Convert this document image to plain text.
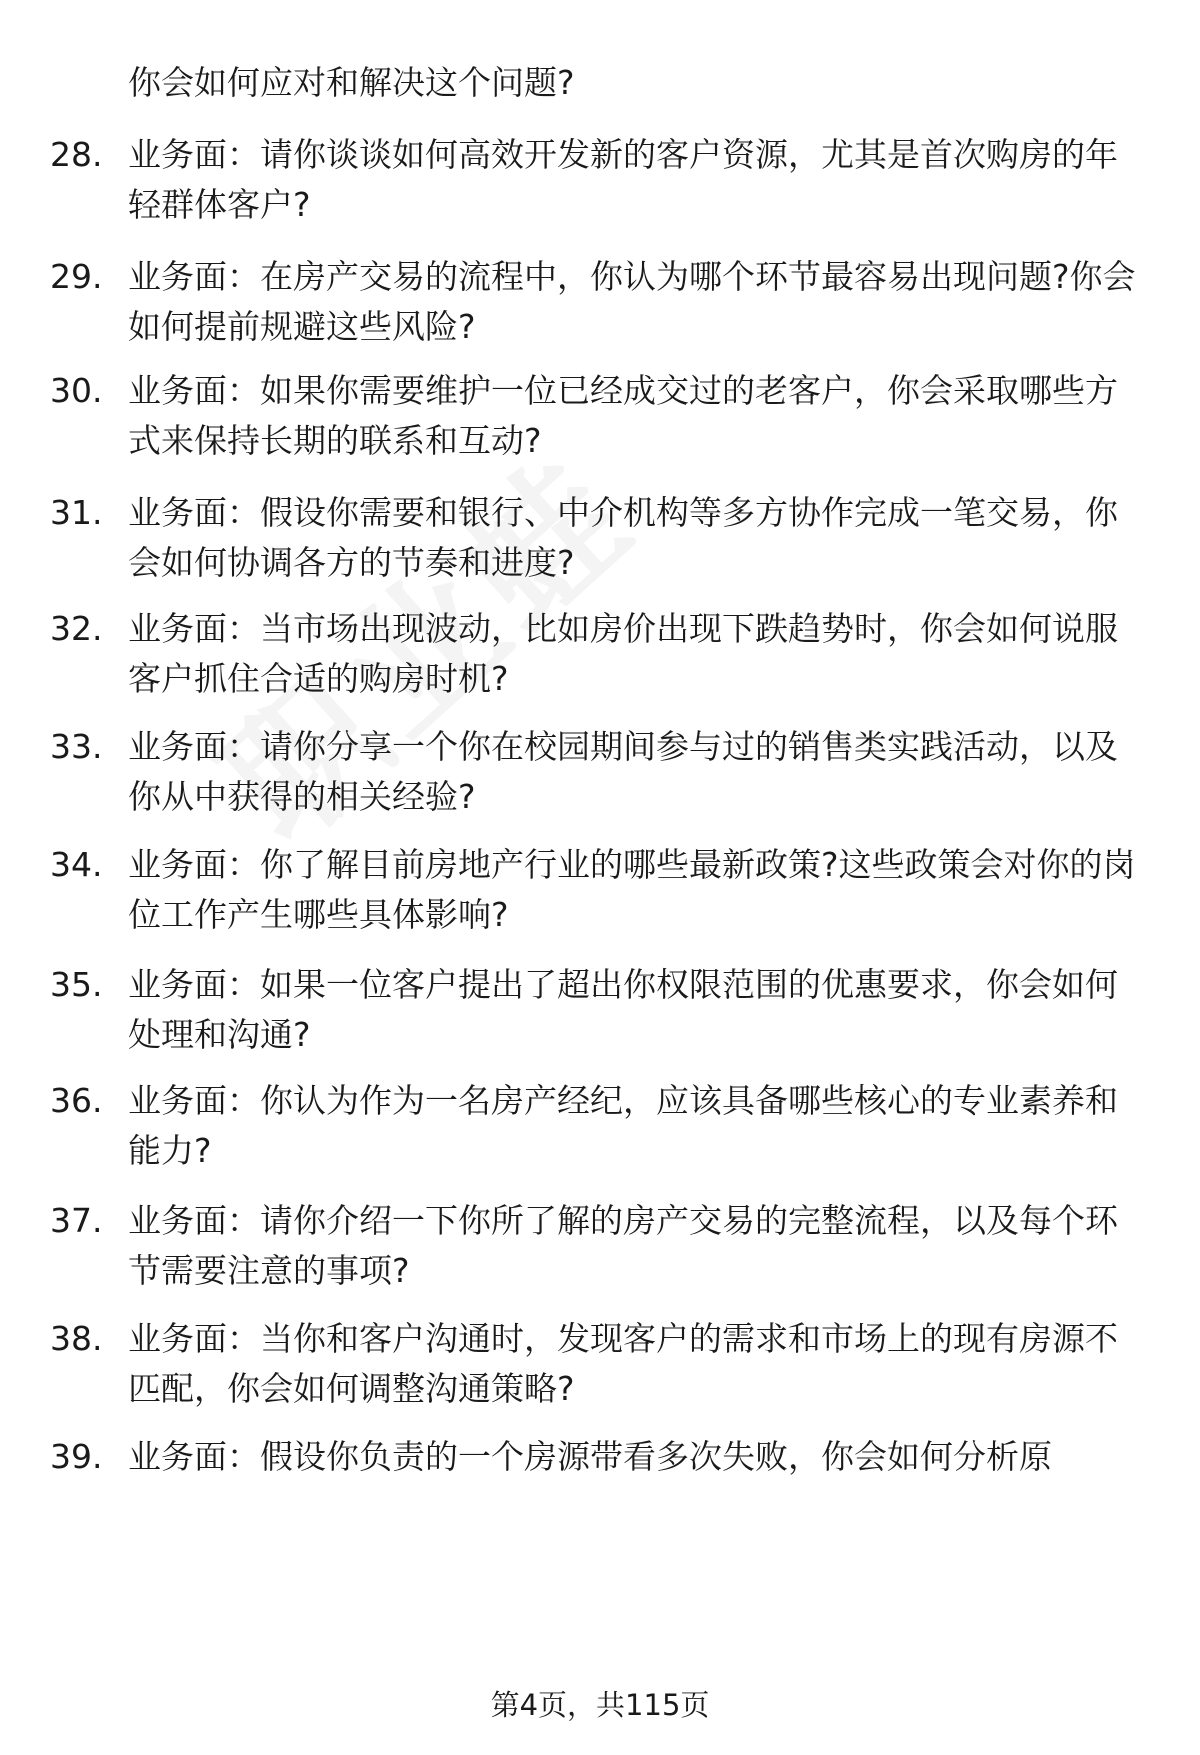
你会如何应对和解决这个问题?
28. 业务面：请你谈谈如何高效开发新的客户资源，尤其是首次购房的年轻群体客户?
29. 业务面：在房产交易的流程中，你认为哪个环节最容易出现问题?你会如何提前规避这些风险?
30. 业务面：如果你需要维护一位已经成交过的老客户，你会采取哪些方式来保持长期的联系和互动?
31. 业务面：假设你需要和银行、中介机构等多方协作完成一笔交易，你会如何协调各方的节奏和进度?
32. 业务面：当市场出现波动，比如房价出现下跌趋势时，你会如何说服客户抓住合适的购房时机?
33. 业务面：请你分享一个你在校园期间参与过的销售类实践活动，以及你从中获得的相关经验?
34. 业务面：你了解目前房地产行业的哪些最新政策?这些政策会对你的岗位工作产生哪些具体影响?
35. 业务面：如果一位客户提出了超出你权限范围的优惠要求，你会如何处理和沟通?
36. 业务面：你认为作为一名房产经纪，应该具备哪些核心的专业素养和能力?
37. 业务面：请你介绍一下你所了解的房产交易的完整流程，以及每个环节需要注意的事项?
38. 业务面：当你和客户沟通时，发现客户的需求和市场上的现有房源不匹配，你会如何调整沟通策略?
39. 业务面：假设你负责的一个房源带看多次失败，你会如何分析原
第4页，共115页
